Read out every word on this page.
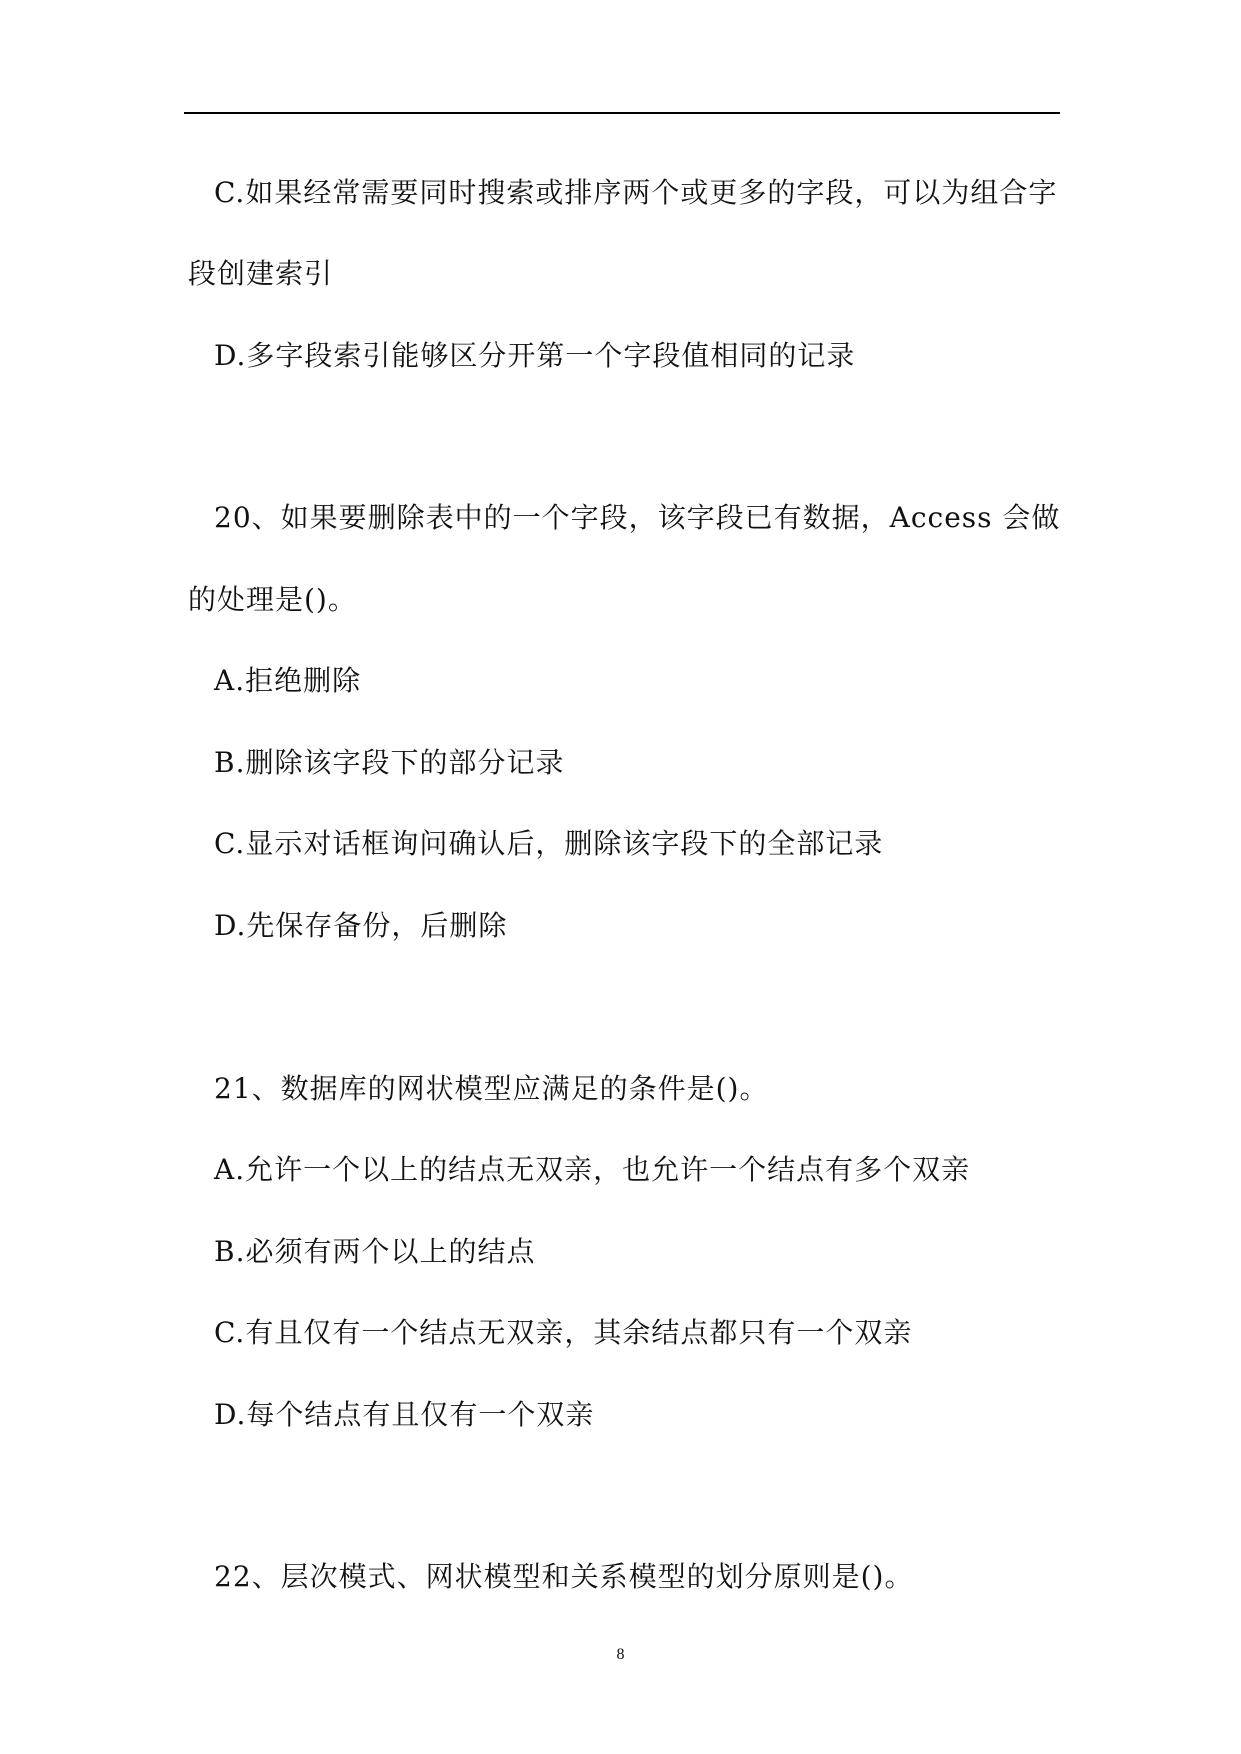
C.如果经常需要同时搜索或排序两个或更多的字段，可以为组合字
段创建索引
D.多字段索引能够区分开第一个字段值相同的记录
20、如果要删除表中的一个字段，该字段已有数据，Access 会做
的处理是()。
A.拒绝删除
B.删除该字段下的部分记录
C.显示对话框询问确认后，删除该字段下的全部记录
D.先保存备份，后删除
21、数据库的网状模型应满足的条件是()。
A.允许一个以上的结点无双亲，也允许一个结点有多个双亲
B.必须有两个以上的结点
C.有且仅有一个结点无双亲，其余结点都只有一个双亲
D.每个结点有且仅有一个双亲
22、层次模式、网状模型和关系模型的划分原则是()。
8
